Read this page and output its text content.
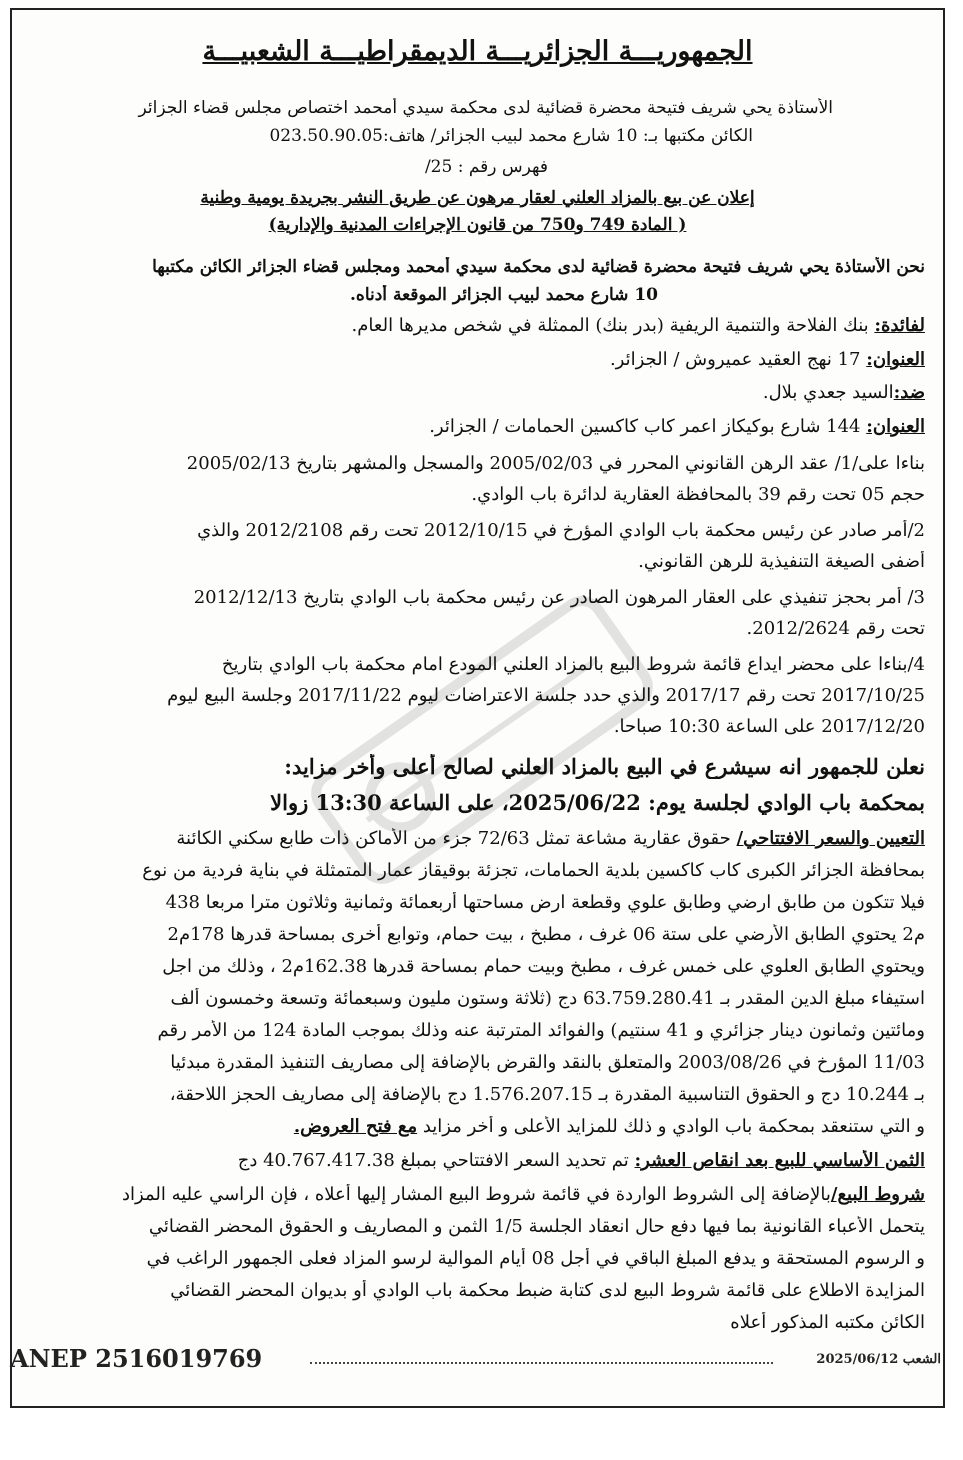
الجمهوريـــة الجزائريـــة الديمقراطيـــة الشعبيـــة
الأستاذة يحي شريف فتيحة محضرة قضائية لدى محكمة سيدي أمحمد اختصاص مجلس قضاء الجزائر
الكائن مكتبها بـ: 10 شارع محمد لبيب الجزائر/ هاتف:023.50.90.05
فهرس رقم : 25/
إعلان عن بيع بالمزاد العلني لعقار مرهون عن طريق النشر بجريدة يومية وطنية
( المادة 749 و750 من قانون الإجراءات المدنية والإدارية)
نحن الأستاذة يحي شريف فتيحة محضرة قضائية لدى محكمة سيدي أمحمد ومجلس قضاء الجزائر الكائن مكتبها
10 شارع محمد لبيب الجزائر الموقعة أدناه.
لفائدة: بنك الفلاحة والتنمية الريفية (بدر بنك) الممثلة في شخص مديرها العام.
العنوان: 17 نهج العقيد عميروش / الجزائر.
ضد:السيد جعدي بلال.
العنوان: 144 شارع بوكيكاز اعمر كاب كاكسين الحمامات / الجزائر.
بناءا على/1/ عقد الرهن القانوني المحرر في 2005/02/03 والمسجل والمشهر بتاريخ 2005/02/13
حجم 05 تحت رقم 39 بالمحافظة العقارية لدائرة باب الوادي.
2/أمر صادر عن رئيس محكمة باب الوادي المؤرخ في 2012/10/15 تحت رقم 2012/2108 والذي
أضفى الصيغة التنفيذية للرهن القانوني.
3/ أمر بحجز تنفيذي على العقار المرهون الصادر عن رئيس محكمة باب الوادي بتاريخ 2012/12/13
تحت رقم 2012/2624.
4/بناءا على محضر ايداع قائمة شروط البيع بالمزاد العلني المودع امام محكمة باب الوادي بتاريخ
2017/10/25 تحت رقم 2017/17 والذي حدد جلسة الاعتراضات ليوم 2017/11/22 وجلسة البيع ليوم
2017/12/20 على الساعة 10:30 صباحا.
نعلن للجمهور انه سيشرع في البيع بالمزاد العلني لصالح أعلى وأخر مزايد:
بمحكمة باب الوادي لجلسة يوم: 2025/06/22، على الساعة 13:30 زوالا
التعيين والسعر الافتتاحي/ حقوق عقارية مشاعة تمثل 72/63 جزء من الأماكن ذات طابع سكني الكائنة
بمحافظة الجزائر الكبرى كاب كاكسين بلدية الحمامات، تجزئة بوقيقاز عمار المتمثلة في بناية فردية من نوع
فيلا تتكون من طابق ارضي وطابق علوي وقطعة ارض مساحتها أربعمائة وثمانية وثلاثون مترا مربعا 438
م2 يحتوي الطابق الأرضي على ستة 06 غرف ، مطبخ ، بيت حمام، وتوابع أخرى بمساحة قدرها 178م2
ويحتوي الطابق العلوي على خمس غرف ، مطبخ وبيت حمام بمساحة قدرها 162.38م2 ، وذلك من اجل
استيفاء مبلغ الدين المقدر بـ 63.759.280.41 دج (ثلاثة وستون مليون وسبعمائة وتسعة وخمسون ألف
ومائتين وثمانون دينار جزائري و 41 سنتيم) والفوائد المترتبة عنه وذلك بموجب المادة 124 من الأمر رقم
11/03 المؤرخ في 2003/08/26 والمتعلق بالنقد والقرض بالإضافة إلى مصاريف التنفيذ المقدرة مبدئيا
بـ 10.244 دج و الحقوق التناسبية المقدرة بـ 1.576.207.15 دج بالإضافة إلى مصاريف الحجز اللاحقة،
و التي ستنعقد بمحكمة باب الوادي و ذلك للمزايد الأعلى و أخر مزايد مع فتح العروض.
الثمن الأساسي للبيع بعد انقاص العشر: تم تحديد السعر الافتتاحي بمبلغ 40.767.417.38 دج
شروط البيع/بالإضافة إلى الشروط الواردة في قائمة شروط البيع المشار إليها أعلاه ، فإن الراسي عليه المزاد
يتحمل الأعباء القانونية بما فيها دفع حال انعقاد الجلسة 1/5 الثمن و المصاريف و الحقوق المحضر القضائي
و الرسوم المستحقة و يدفع المبلغ الباقي في أجل 08 أيام الموالية لرسو المزاد فعلى الجمهور الراغب في
المزايدة الاطلاع على قائمة شروط البيع لدى كتابة ضبط محكمة باب الوادي أو بديوان المحضر القضائي
الكائن مكتبه المذكور أعلاه
ANEP 2516019769	الشعب 2025/06/12
